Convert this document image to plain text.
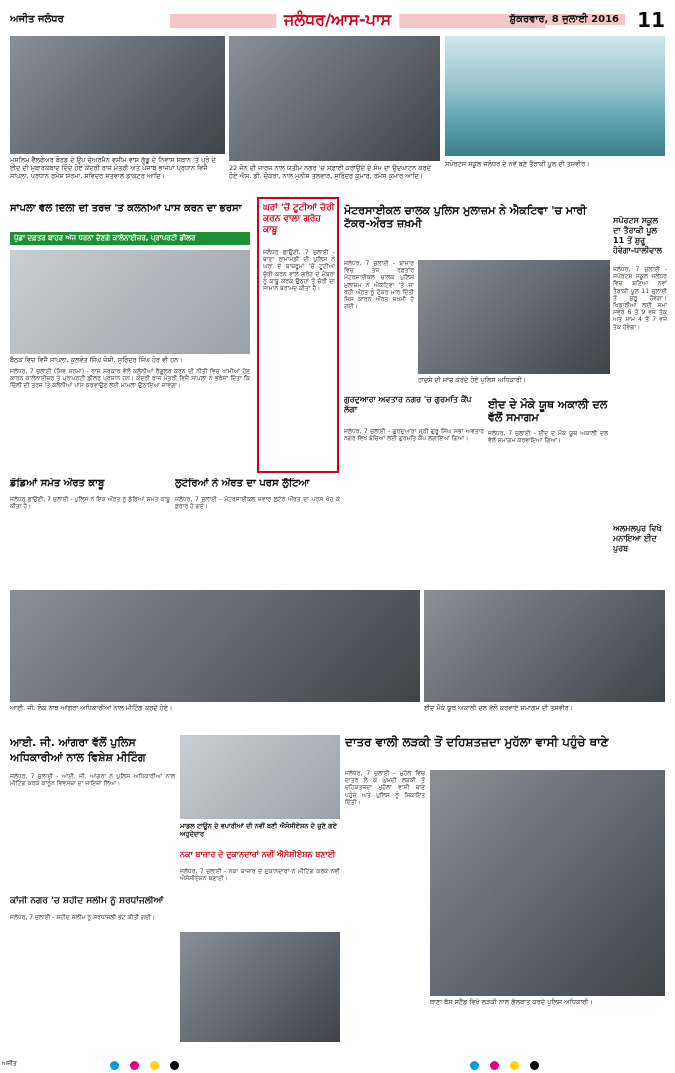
ਅਜੀਤ ਜਲੰਧਰ	ਜਲੰਧਰ/ਆਸ-ਪਾਸ	ਸ਼ੁੱਕਰਵਾਰ, 8 ਜੁਲਾਈ 2016 11
ਮੁਸਲਿਮ ਵੈੱਲਫੇਅਰ ਬੋਰਡ ਦੇ ਉਪ ਚੇਅਰਮੈਨ ਵਸੀਮ ਵਾਸ਼ ਗੁੱਡੂ ਦੇ ਨਿਵਾਸ ਸਥਾਨ 'ਤੇ ਪ੍ਰੋ ਦੇ ਈਦ ਦੀ ਮੁਬਾਰਕਬਾਦ ਦਿੰਦੇ ਹੋਏ ਕੇਂਦਰੀ ਰਾਜ ਮੰਤਰੀ ਅਤੇ ਪੰਜਾਬ ਭਾਜਪਾ ਪ੍ਰਧਾਨ ਵਿਜੈ ਸਾਂਪਲਾ, ਪ੍ਰਧਾਨ ਰਮੇਸ਼ ਸ਼ਰਮਾ, ਸਵਿਦਰ ਸਤਵਾਲ ਡਾਕਟਰ ਆਦਿ।
22 ਜੋਨ ਦੀ ਜਾਰਜ ਨਾਲ ਯਤੀਮ ਨਗਰ 'ਚ ਸਫ਼ਾਈ ਕਰਾਉਂਦੇ ਦੇ ਸੰਮ ਦਾ ਉਦਘਾਟਨ ਕਰਦੇ ਹੋਏ ਐਸ. ਡੀ. ਚੋਕਰਾ, ਨਾਲ ਮੁਨੀਸ਼ ਤਲਵਾਰ, ਸੁਰਿੰਦਰ ਕੁਮਾਰ, ਰਮੇਸ਼ ਕੁਮਾਰ ਆਦਿ।
ਸਪੋਰਟਸ ਸਕੂਲ ਜਲੰਧਰ ਦੇ ਨਵੇਂ ਬਣੇ ਤੈਰਾਕੀ ਪੂਲ ਦੀ ਤਸਵੀਰ।
ਸਾਂਪਲਾ ਵੱਲੋਂ ਦਿੱਲੀ ਦੀ ਤਰਜ਼ 'ਤੇ ਕਲੋਨੀਆਂ ਪਾਸ ਕਰਨ ਦਾ ਭਰੋਸਾ
ਪੁੱਡਾ ਦਫ਼ਤਰ ਬਾਹਰ ਅੱਜ ਧਰਨਾ ਦੇਣਗੇ ਕਾਲੋਨਾਈਜ਼ਰ, ਪ੍ਰਾਪਰਟੀ ਡੀਲਰ
ਬੈਠਕ ਵਿਚ ਵਿਜੈ ਸਾਂਪਲਾ, ਕੁਲਵੰਤ ਸਿੰਘ ਜੋਸ਼ੀ, ਸੁਰਿੰਦਰ ਸਿੰਘ ਹੋਰ ਵੀ ਹਨ।
ਜਲੰਧਰ, 7 ਜੁਲਾਈ (ਸ਼ਿਵ ਸ਼ਰਮਾ) - ਰਾਜ ਸਰਕਾਰ ਵੱਲੋਂ ਕਲੋਨੀਆਂ ਰੈਗੂਲਰ ਕਰਨ ਦੀ ਨੀਤੀ ਵਿਚ ਖਾਮੀਆਂ ਹੋਣ ਕਾਰਨ ਕਾਲੋਨਾਈਜ਼ਰ ਤੇ ਪ੍ਰਾਪਰਟੀ ਡੀਲਰ ਪ੍ਰੇਸ਼ਾਨ ਹਨ। ਕੇਂਦਰੀ ਰਾਜ ਮੰਤਰੀ ਵਿਜੈ ਸਾਂਪਲਾ ਨੇ ਭਰੋਸਾ ਦਿੱਤਾ ਕਿ ਦਿੱਲੀ ਦੀ ਤਰਜ਼ 'ਤੇ ਕਲੋਨੀਆਂ ਪਾਸ ਕਰਵਾਉਣ ਲਈ ਮਾਮਲਾ ਉਠਾਇਆ ਜਾਵੇਗਾ।
ਘਰਾਂ 'ਚੋਂ ਟੂਟੀਆਂ ਚੋਰੀ ਕਰਨ ਵਾਲਾ ਗਰੋਹ ਕਾਬੂ
ਜਲੰਧਰ ਛਾਉਣੀ, 7 ਜੁਲਾਈ - ਥਾਣਾ ਰਾਮਾਮੰਡੀ ਦੀ ਪੁਲਿਸ ਨੇ ਘਰਾਂ ਦੇ ਬਾਥਰੂਮਾਂ 'ਚੋਂ ਟੂਟੀਆਂ ਚੋਰੀ ਕਰਨ ਵਾਲੇ ਗਰੋਹ ਦੇ ਮੈਂਬਰਾਂ ਨੂੰ ਕਾਬੂ ਕਰਕੇ ਉਨ੍ਹਾਂ ਤੋਂ ਚੋਰੀ ਦਾ ਸਾਮਾਨ ਬਰਾਮਦ ਕੀਤਾ ਹੈ।
ਮੋਟਰਸਾਈਕਲ ਚਾਲਕ ਪੁਲਿਸ ਮੁਲਾਜ਼ਮ ਨੇ ਐਕਟਿਵਾ 'ਚ ਮਾਰੀ ਟੱਕਰ-ਔਰਤ ਜ਼ਖ਼ਮੀ
ਹਾਦਸੇ ਦੀ ਜਾਂਚ ਕਰਦੇ ਹੋਏ ਪੁਲਿਸ ਅਧਿਕਾਰੀ।
ਜਲੰਧਰ, 7 ਜੁਲਾਈ - ਬਾਜ਼ਾਰ ਵਿਚ ਤੇਜ਼ ਰਫ਼ਤਾਰ ਮੋਟਰਸਾਈਕਲ ਚਾਲਕ ਪੁਲਿਸ ਮੁਲਾਜ਼ਮ ਨੇ ਐਕਟਿਵਾ 'ਤੇ ਜਾ ਰਹੀ ਔਰਤ ਨੂੰ ਟੱਕਰ ਮਾਰ ਦਿੱਤੀ ਜਿਸ ਕਾਰਨ ਔਰਤ ਜ਼ਖ਼ਮੀ ਹੋ ਗਈ।
ਸਪੋਰਟਸ ਸਕੂਲ ਦਾ ਤੈਰਾਕੀ ਪੂਲ 11 ਤੋਂ ਸ਼ੁਰੂ ਹੋਵੇਗਾ-ਧਾਲੀਵਾਲ
ਜਲੰਧਰ, 7 ਜੁਲਾਈ - ਸਪੋਰਟਸ ਸਕੂਲ ਜਲੰਧਰ ਵਿਚ ਬਣਿਆ ਨਵਾਂ ਤੈਰਾਕੀ ਪੂਲ 11 ਜੁਲਾਈ ਤੋਂ ਸ਼ੁਰੂ ਹੋਵੇਗਾ। ਖਿਡਾਰੀਆਂ ਲਈ ਸਮਾਂ ਸਵੇਰੇ 6 ਤੋਂ 9 ਵਜੇ ਤੱਕ ਅਤੇ ਸ਼ਾਮ 4 ਤੋਂ 7 ਵਜੇ ਤੱਕ ਹੋਵੇਗਾ।
ਗੁਰਦੁਆਰਾ ਅਵਤਾਰ ਨਗਰ 'ਚ ਗੁਰਮਤਿ ਕੈਂਪ ਲੱਗਾ
ਜਲੰਧਰ, 7 ਜੁਲਾਈ - ਗੁਰਦੁਆਰਾ ਸ੍ਰੀ ਗੁਰੂ ਸਿੰਘ ਸਭਾ ਅਵਤਾਰ ਨਗਰ ਵਿਖੇ ਬੱਚਿਆਂ ਲਈ ਗੁਰਮਤਿ ਕੈਂਪ ਲਗਾਇਆ ਗਿਆ।
ਈਦ ਦੇ ਮੌਕੇ ਯੂਥ ਅਕਾਲੀ ਦਲ ਵੱਲੋਂ ਸਮਾਗਮ
ਜਲੰਧਰ, 7 ਜੁਲਾਈ - ਈਦ ਦੇ ਮੌਕੇ ਯੂਥ ਅਕਾਲੀ ਦਲ ਵੱਲੋਂ ਸਮਾਗਮ ਕਰਵਾਇਆ ਗਿਆ।
ਅਲਮਲਪੁਰ ਵਿਖੇ ਮਨਾਇਆ ਈਦ ਪੁਰਬ
ਡੋਡਿਆਂ ਸਮੇਤ ਔਰਤ ਕਾਬੂ
ਜਲੰਧਰ ਛਾਉਣੀ, 7 ਜੁਲਾਈ - ਪੁਲਿਸ ਨੇ ਇਕ ਔਰਤ ਨੂੰ ਡੋਡਿਆਂ ਸਮੇਤ ਕਾਬੂ ਕੀਤਾ ਹੈ।
ਲੁਟੇਰਿਆਂ ਨੇ ਔਰਤ ਦਾ ਪਰਸ ਲੁੱਟਿਆ
ਜਲੰਧਰ, 7 ਜੁਲਾਈ - ਮੋਟਰਸਾਈਕਲ ਸਵਾਰ ਲੁਟੇਰੇ ਔਰਤ ਦਾ ਪਰਸ ਖੋਹ ਕੇ ਫ਼ਰਾਰ ਹੋ ਗਏ।
ਆਈ. ਜੀ. ਲੋਕ ਨਾਥ ਆਂਗਰਾ ਅਧਿਕਾਰੀਆਂ ਨਾਲ ਮੀਟਿੰਗ ਕਰਦੇ ਹੋਏ।	ਈਦ ਮੌਕੇ ਯੂਥ ਅਕਾਲੀ ਦਲ ਵੱਲੋਂ ਕਰਵਾਏ ਸਮਾਗਮ ਦੀ ਤਸਵੀਰ।
ਆਈ. ਜੀ. ਆਂਗਰਾ ਵੱਲੋਂ ਪੁਲਿਸ ਅਧਿਕਾਰੀਆਂ ਨਾਲ ਵਿਸ਼ੇਸ਼ ਮੀਟਿੰਗ
ਜਲੰਧਰ, 7 ਜੁਲਾਈ - ਆਈ. ਜੀ. ਆਂਗਰਾ ਨੇ ਪੁਲਿਸ ਅਧਿਕਾਰੀਆਂ ਨਾਲ ਮੀਟਿੰਗ ਕਰਕੇ ਕਾਨੂੰਨ ਵਿਵਸਥਾ ਦਾ ਜਾਇਜ਼ਾ ਲਿਆ।
ਕਾਂਜੀ ਨਗਰ 'ਚ ਸ਼ਹੀਦ ਸਲੀਮ ਨੂੰ ਸ਼ਰਧਾਂਜਲੀਆਂ
ਜਲੰਧਰ, 7 ਜੁਲਾਈ - ਸ਼ਹੀਦ ਸਲੀਮ ਨੂੰ ਸ਼ਰਧਾਂਜਲੀ ਭੇਟ ਕੀਤੀ ਗਈ।
ਮਾਡਲ ਟਾਊਨ ਦੇ ਵਪਾਰੀਆਂ ਦੀ ਨਵੀਂ ਬਣੀ ਐਸੋਸੀਏਸ਼ਨ ਦੇ ਚੁਣੇ ਗਏ ਅਹੁਦੇਦਾਰ
ਨਕਾ ਬਾਜ਼ਾਰ ਦੇ ਦੁਕਾਨਦਾਰਾਂ ਨਵੀਂ ਐਸੋਸੀਏਸ਼ਨ ਬਣਾਈ
ਜਲੰਧਰ, 7 ਜੁਲਾਈ - ਨਕਾ ਬਾਜ਼ਾਰ ਦੇ ਦੁਕਾਨਦਾਰਾਂ ਨੇ ਮੀਟਿੰਗ ਕਰਕੇ ਨਵੀਂ ਐਸੋਸੀਏਸ਼ਨ ਬਣਾਈ।
ਦਾਤਰ ਵਾਲੀ ਲੜਕੀ ਤੋਂ ਦਹਿਸ਼ਤਜ਼ਦਾ ਮੁਹੱਲਾ ਵਾਸੀ ਪਹੁੰਚੇ ਥਾਣੇ
ਜਲੰਧਰ, 7 ਜੁਲਾਈ - ਮੁਹੱਲੇ ਵਿਚ ਦਾਤਰ ਲੈ ਕੇ ਘੁੰਮਦੀ ਲੜਕੀ ਤੋਂ ਦਹਿਸ਼ਤਜ਼ਦਾ ਮੁਹੱਲਾ ਵਾਸੀ ਥਾਣੇ ਪਹੁੰਚੇ ਅਤੇ ਪੁਲਿਸ ਨੂੰ ਸ਼ਿਕਾਇਤ ਦਿੱਤੀ।
ਥਾਣਾ ਬੱਸ ਸਟੈਂਡ ਵਿਖੇ ਲੜਕੀ ਨਾਲ ਗੱਲਬਾਤ ਕਰਦੇ ਪੁਲਿਸ ਅਧਿਕਾਰੀ।
ਅਜੀਤ
